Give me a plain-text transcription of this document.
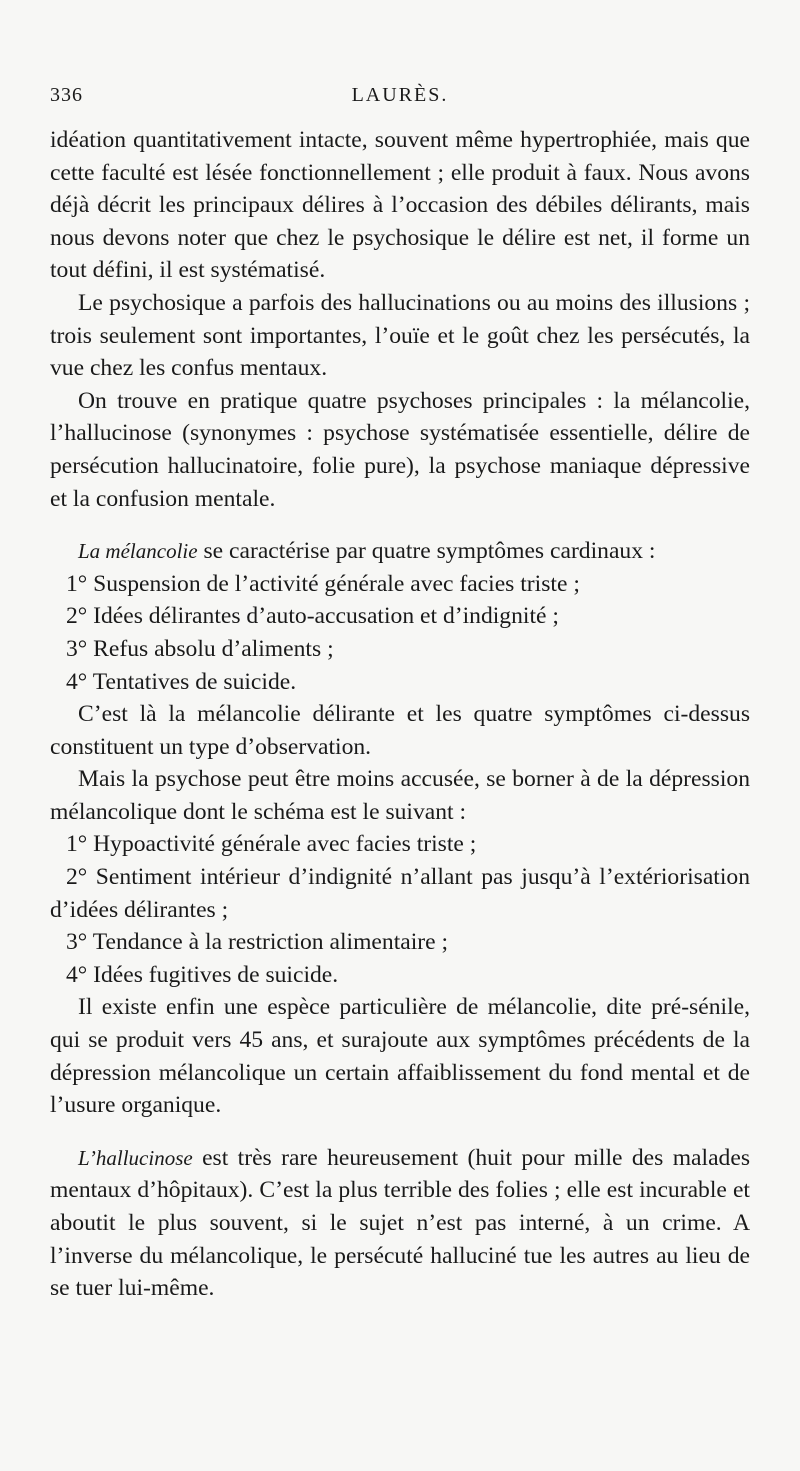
336	LAURÈS.

idéation quantitativement intacte, souvent même hypertrophiée, mais que cette faculté est lésée fonctionnellement ; elle produit à faux. Nous avons déjà décrit les principaux délires à l’occasion des débiles délirants, mais nous devons noter que chez le psychosique le délire est net, il forme un tout défini, il est systématisé.

Le psychosique a parfois des hallucinations ou au moins des illusions ; trois seulement sont importantes, l’ouïe et le goût chez les persécutés, la vue chez les confus mentaux.

On trouve en pratique quatre psychoses principales : la mélancolie, l’hallucinose (synonymes : psychose systématisée essentielle, délire de persécution hallucinatoire, folie pure), la psychose maniaque dépressive et la confusion mentale.

La mélancolie se caractérise par quatre symptômes cardinaux :

1° Suspension de l’activité générale avec facies triste ;

2° Idées délirantes d’auto-accusation et d’indignité ;

3° Refus absolu d’aliments ;

4° Tentatives de suicide.

C’est là la mélancolie délirante et les quatre symptômes ci-dessus constituent un type d’observation.

Mais la psychose peut être moins accusée, se borner à de la dépression mélancolique dont le schéma est le suivant :

1° Hypoactivité générale avec facies triste ;

2° Sentiment intérieur d’indignité n’allant pas jusqu’à l’extériorisation d’idées délirantes ;

3° Tendance à la restriction alimentaire ;

4° Idées fugitives de suicide.

Il existe enfin une espèce particulière de mélancolie, dite pré-sénile, qui se produit vers 45 ans, et surajoute aux symptômes précédents de la dépression mélancolique un certain affaiblissement du fond mental et de l’usure organique.

L’hallucinose est très rare heureusement (huit pour mille des malades mentaux d’hôpitaux). C’est la plus terrible des folies ; elle est incurable et aboutit le plus souvent, si le sujet n’est pas interné, à un crime. A l’inverse du mélancolique, le persécuté halluciné tue les autres au lieu de se tuer lui-même.
